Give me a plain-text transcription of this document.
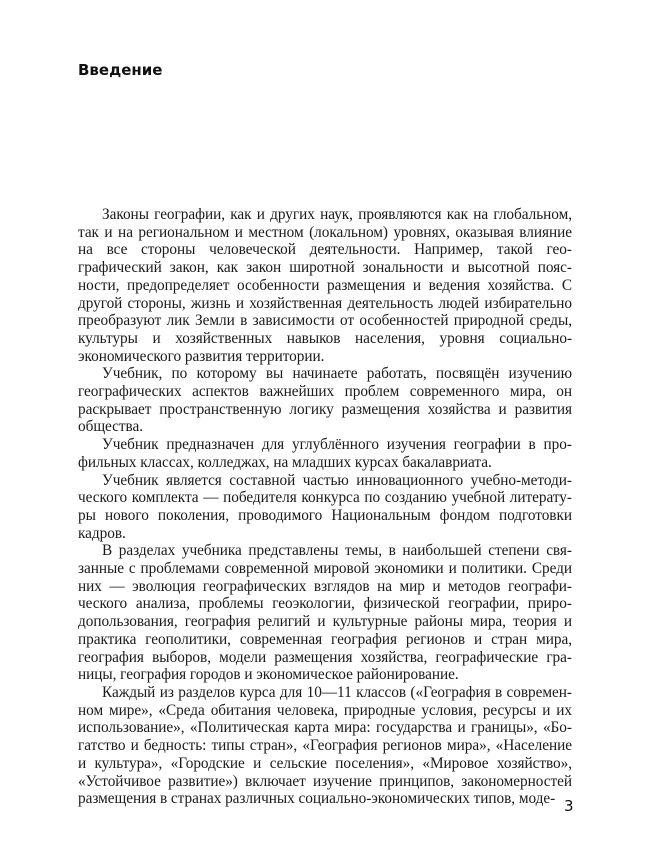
Введение

Законы географии, как и других наук, проявляются как на глобальном, так и на региональном и местном (локальном) уровнях, оказывая влияние на все стороны человеческой деятельности. Например, такой географический закон, как закон широтной зональности и высотной поясности, предопределяет особенности размещения и ведения хозяйства. С другой стороны, жизнь и хозяйственная деятельность людей избирательно преобразуют лик Земли в зависимости от особенностей природной среды, культуры и хозяйственных навыков населения, уровня социально-экономического развития территории.

Учебник, по которому вы начинаете работать, посвящён изучению географических аспектов важнейших проблем современного мира, он раскрывает пространственную логику размещения хозяйства и развития общества.

Учебник предназначен для углублённого изучения географии в профильных классах, колледжах, на младших курсах бакалавриата.

Учебник является составной частью инновационного учебно-методического комплекта — победителя конкурса по созданию учебной литературы нового поколения, проводимого Национальным фондом подготовки кадров.

В разделах учебника представлены темы, в наибольшей степени связанные с проблемами современной мировой экономики и политики. Среди них — эволюция географических взглядов на мир и методов географического анализа, проблемы геоэкологии, физической географии, природопользования, география религий и культурные районы мира, теория и практика геополитики, современная география регионов и стран мира, география выборов, модели размещения хозяйства, географические границы, география городов и экономическое районирование.

Каждый из разделов курса для 10—11 классов («География в современном мире», «Среда обитания человека, природные условия, ресурсы и их использование», «Политическая карта мира: государства и границы», «Богатство и бедность: типы стран», «География регионов мира», «Население и культура», «Городские и сельские поселения», «Мировое хозяйство», «Устойчивое развитие») включает изучение принципов, закономерностей размещения в странах различных социально-экономических типов, моде- 3
